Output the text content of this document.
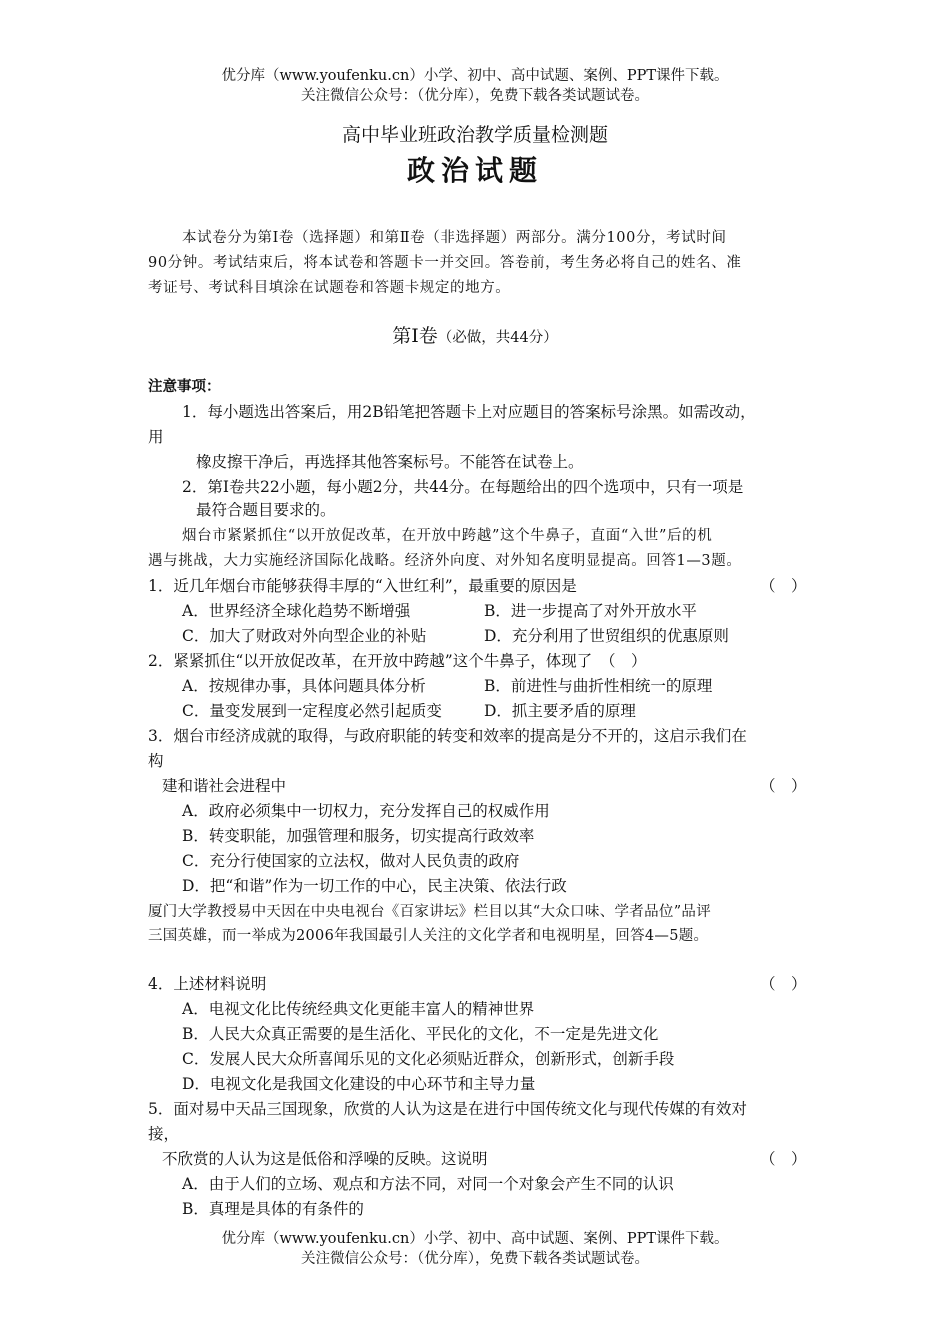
优分库（www.youfenku.cn）小学、初中、高中试题、案例、PPT课件下载。
关注微信公众号：（优分库），免费下载各类试题试卷。
高中毕业班政治教学质量检测题
政治试题
本试卷分为第Ⅰ卷（选择题）和第Ⅱ卷（非选择题）两部分。满分100分，考试时间
90分钟。考试结束后，将本试卷和答题卡一并交回。答卷前，考生务必将自己的姓名、准
考证号、考试科目填涂在试题卷和答题卡规定的地方。
第Ⅰ卷（必做，共44分）
注意事项：
1．每小题选出答案后，用2B铅笔把答题卡上对应题目的答案标号涂黑。如需改动，
用
橡皮擦干净后，再选择其他答案标号。不能答在试卷上。
2．第Ⅰ卷共22小题，每小题2分，共44分。在每题给出的四个选项中，只有一项是
最符合题目要求的。
烟台市紧紧抓住“以开放促改革，在开放中跨越”这个牛鼻子，直面“入世”后的机
遇与挑战，大力实施经济国际化战略。经济外向度、对外知名度明显提高。回答1—3题。
1．近几年烟台市能够获得丰厚的“入世红利”，最重要的原因是	（　）
A．世界经济全球化趋势不断增强	B．进一步提高了对外开放水平
C．加大了财政对外向型企业的补贴	D．充分利用了世贸组织的优惠原则
2．紧紧抓住“以开放促改革，在开放中跨越”这个牛鼻子，体现了　（　）
A．按规律办事，具体问题具体分析	B．前进性与曲折性相统一的原理
C．量变发展到一定程度必然引起质变	D．抓主要矛盾的原理
3．烟台市经济成就的取得，与政府职能的转变和效率的提高是分不开的，这启示我们在
构
建和谐社会进程中	（　）
A．政府必须集中一切权力，充分发挥自己的权威作用
B．转变职能，加强管理和服务，切实提高行政效率
C．充分行使国家的立法权，做对人民负责的政府
D．把“和谐”作为一切工作的中心，民主决策、依法行政
厦门大学教授易中天因在中央电视台《百家讲坛》栏目以其“大众口味、学者品位”品评
三国英雄，而一举成为2006年我国最引人关注的文化学者和电视明星，回答4—5题。
4．上述材料说明	（　）
A．电视文化比传统经典文化更能丰富人的精神世界
B．人民大众真正需要的是生活化、平民化的文化，不一定是先进文化
C．发展人民大众所喜闻乐见的文化必须贴近群众，创新形式，创新手段
D．电视文化是我国文化建设的中心环节和主导力量
5．面对易中天品三国现象，欣赏的人认为这是在进行中国传统文化与现代传媒的有效对
接，
不欣赏的人认为这是低俗和浮噪的反映。这说明	（　）
A．由于人们的立场、观点和方法不同，对同一个对象会产生不同的认识
B．真理是具体的有条件的
优分库（www.youfenku.cn）小学、初中、高中试题、案例、PPT课件下载。
关注微信公众号：（优分库），免费下载各类试题试卷。
